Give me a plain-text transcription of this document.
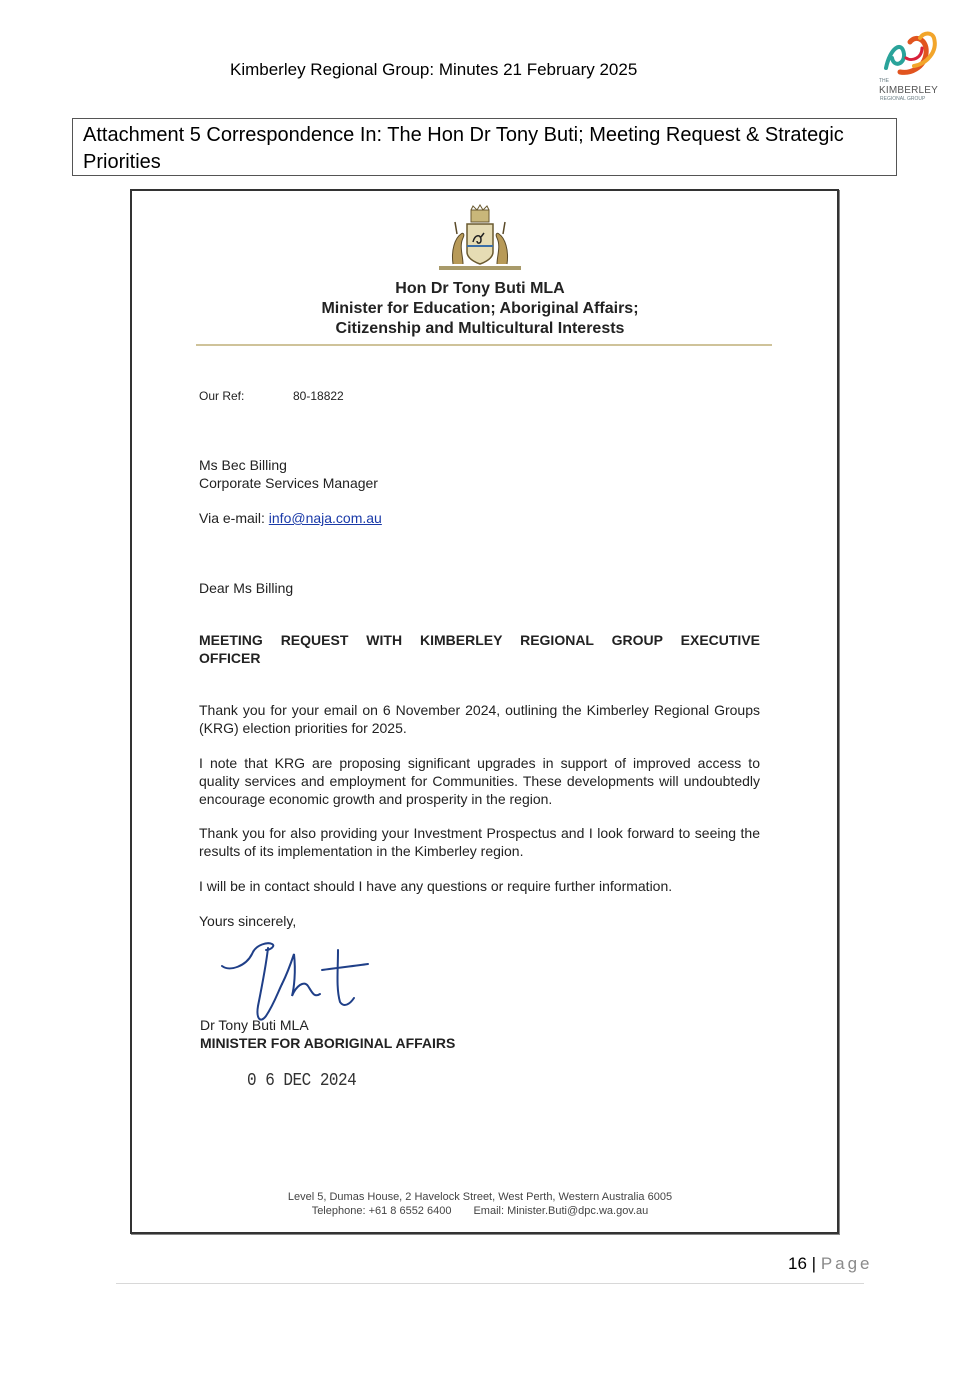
Kimberley Regional Group: Minutes 21 February 2025
THE
KIMBERLEY
REGIONAL GROUP
Attachment 5 Correspondence In: The Hon Dr Tony Buti; Meeting Request & Strategic Priorities
Hon Dr Tony Buti MLA
Minister for Education; Aboriginal Affairs;
Citizenship and Multicultural Interests
Our Ref:	80-18822
Ms Bec Billing
Corporate Services Manager
Via e-mail: info@naja.com.au
Dear Ms Billing
MEETING REQUEST WITH KIMBERLEY REGIONAL GROUP EXECUTIVE OFFICER
Thank you for your email on 6 November 2024, outlining the Kimberley Regional Groups (KRG) election priorities for 2025.
I note that KRG are proposing significant upgrades in support of improved access to quality services and employment for Communities. These developments will undoubtedly encourage economic growth and prosperity in the region.
Thank you for also providing your Investment Prospectus and I look forward to seeing the results of its implementation in the Kimberley region.
I will be in contact should I have any questions or require further information.
Yours sincerely,
Dr Tony Buti MLA
MINISTER FOR ABORIGINAL AFFAIRS
0 6 DEC 2024
Level 5, Dumas House, 2 Havelock Street, West Perth, Western Australia 6005
Telephone: +61 8 6552 6400 Email: Minister.Buti@dpc.wa.gov.au
16 | Page
